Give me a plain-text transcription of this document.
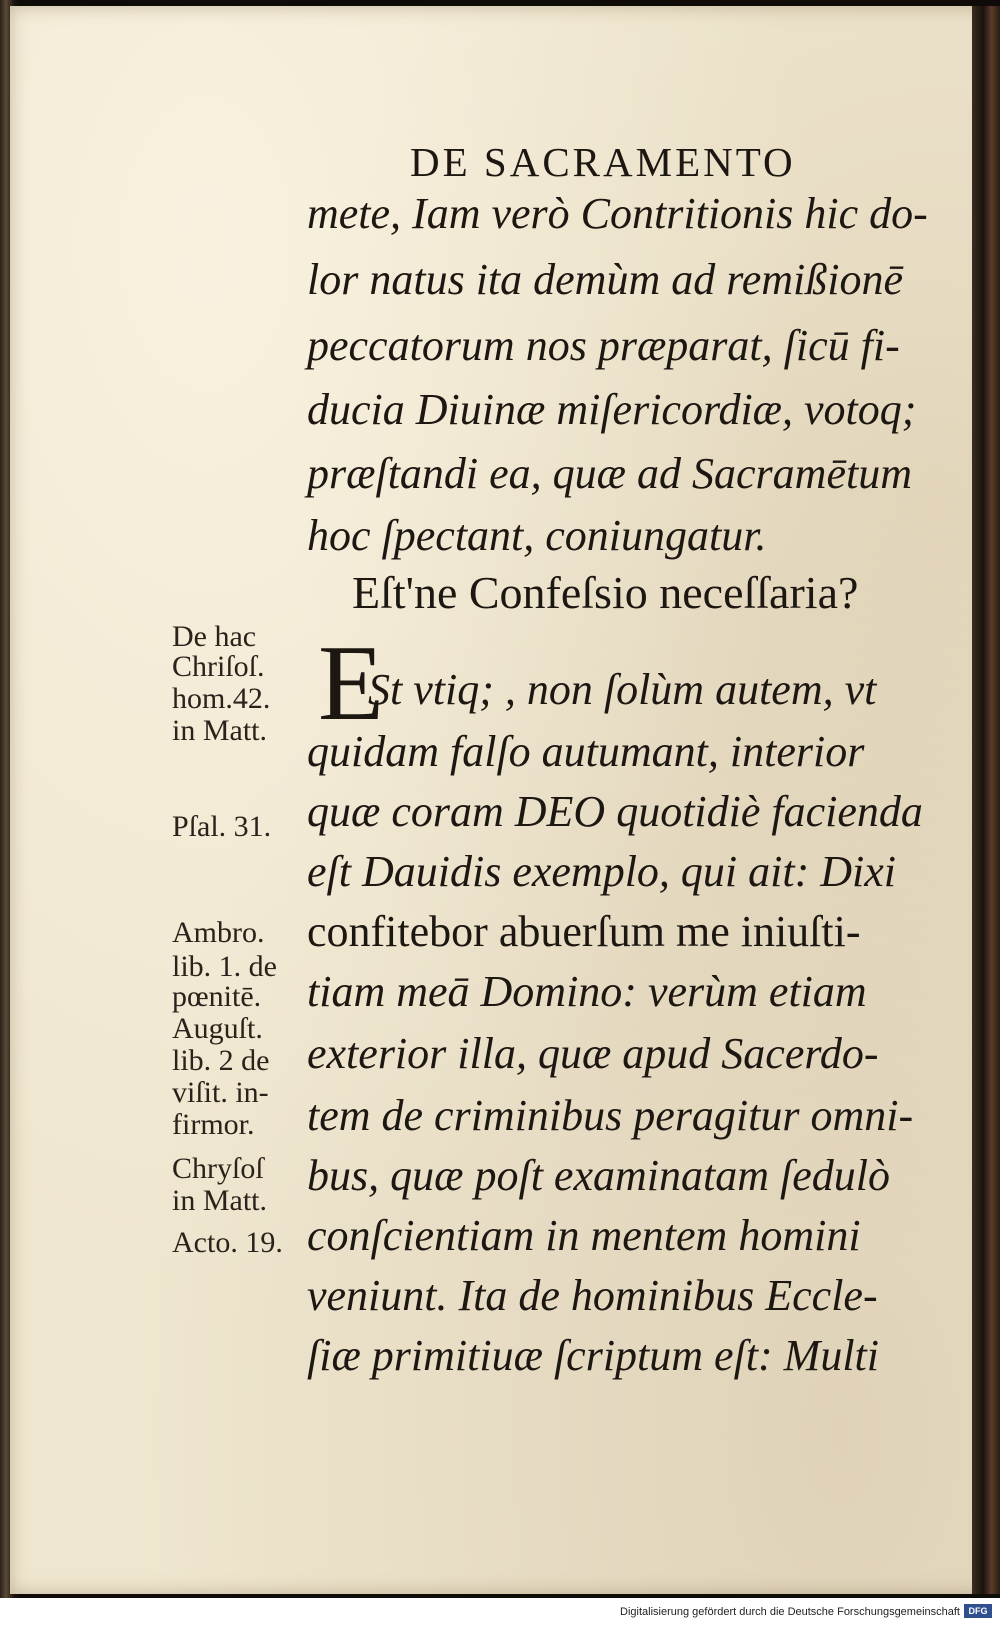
DE SACRAMENTO
mete, Iam verò Contritionis hic do-
lor natus ita demùm ad remißionē
peccatorum nos præparat, ſicū fi-
ducia Diuinæ miſericordiæ, votoq;
præſtandi ea, quæ ad Sacramētum
hoc ſpectant, coniungatur.
Eſt'ne Confeſsio neceſſaria?
E
St vtiq; , non ſolùm autem, vt
quidam falſo autumant, interior
quæ coram DEO quotidiè facienda
eſt Dauidis exemplo, qui ait: Dixi
confitebor abuerſum me iniuſti-
tiam meā Domino: verùm etiam
exterior illa, quæ apud Sacerdo-
tem de criminibus peragitur omni-
bus, quæ poſt examinatam ſedulò
conſcientiam in mentem homini
veniunt. Ita de hominibus Eccle-
ſiæ primitiuæ ſcriptum eſt: Multi
De hac
Chriſoſ.
hom.42.
in Matt.
Pſal. 31.
Ambro.
lib. 1. de
pœnitē.
Auguſt.
lib. 2 de
viſit. in-
firmor.
Chryſoſ
in Matt.
Acto. 19.
Digitalisierung gefördert durch die Deutsche Forschungsgemeinschaft DFG
